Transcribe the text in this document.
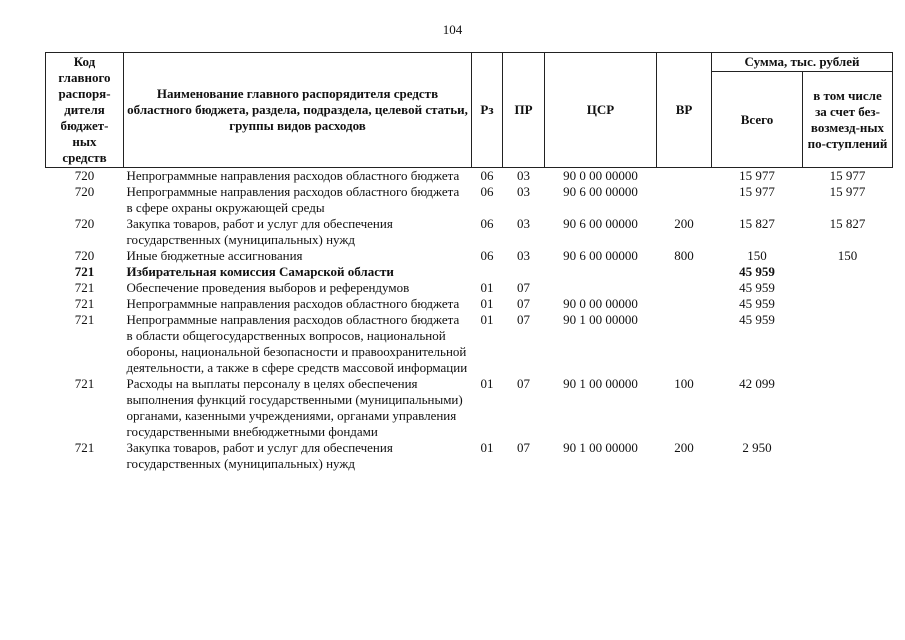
104
Код главного распоря-дителя бюджет-ных средств	Наименование главного распорядителя средств областного бюджета, раздела, подраздела, целевой статьи, группы видов расходов	Рз	ПР	ЦСР	ВР	Сумма, тыс. рублей	
						Всего	в том числе за счет без-возмезд-ных по-ступлений
720	Непрограммные направления расходов областного бюджета	06	03	90 0 00 00000		15 977	15 977
720	Непрограммные направления расходов областного бюджета в сфере охраны окружающей среды	06	03	90 6 00 00000		15 977	15 977
720	Закупка товаров, работ и услуг для обеспечения государственных (муниципальных) нужд	06	03	90 6 00 00000	200	15 827	15 827
720	Иные бюджетные ассигнования	06	03	90 6 00 00000	800	150	150
721	Избирательная комиссия Самарской области					45 959	
721	Обеспечение проведения выборов и референдумов	01	07			45 959	
721	Непрограммные направления расходов областного бюджета	01	07	90 0 00 00000		45 959	
721	Непрограммные направления расходов областного бюджета в области общегосударственных вопросов, национальной обороны, национальной безопасности и правоохранительной деятельности, а также в сфере средств массовой информации	01	07	90 1 00 00000		45 959	
721	Расходы на выплаты персоналу в целях обеспечения выполнения функций государственными (муниципальными) органами, казенными учреждениями, органами управления государственными внебюджетными фондами	01	07	90 1 00 00000	100	42 099	
721	Закупка товаров, работ и услуг для обеспечения государственных (муниципальных) нужд	01	07	90 1 00 00000	200	2 950	
